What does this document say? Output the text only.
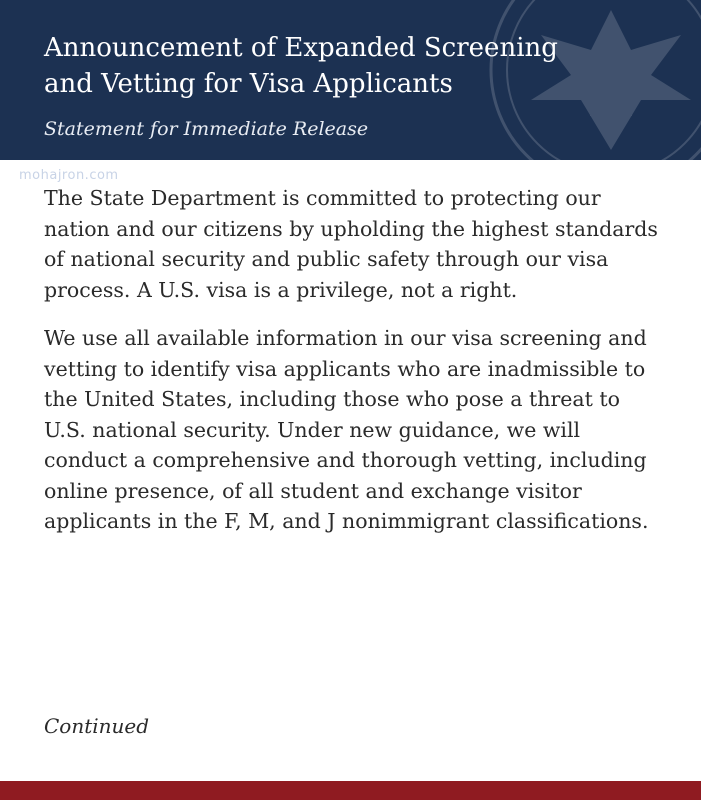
Announcement of Expanded Screening and Vetting for Visa Applicants
Statement for Immediate Release
mohajron.com

The State Department is committed to protecting our nation and our citizens by upholding the highest standards of national security and public safety through our visa process. A U.S. visa is a privilege, not a right.

We use all available information in our visa screening and vetting to identify visa applicants who are inadmissible to the United States, including those who pose a threat to U.S. national security. Under new guidance, we will conduct a comprehensive and thorough vetting, including online presence, of all student and exchange visitor applicants in the F, M, and J nonimmigrant classifications.

Continued
